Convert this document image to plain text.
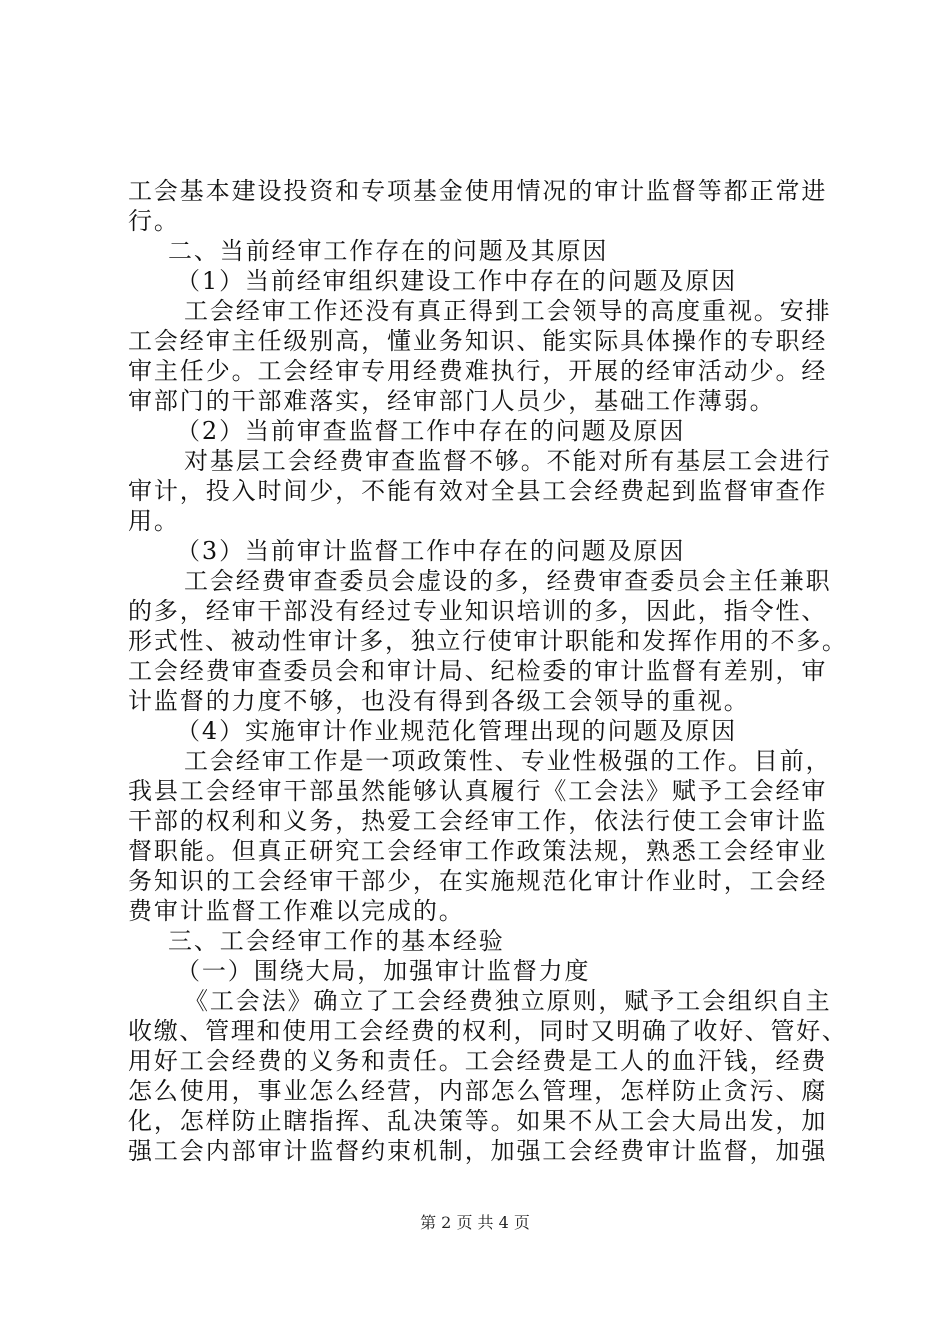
工会基本建设投资和专项基金使用情况的审计监督等都正常进
行。
二、当前经审工作存在的问题及其原因
（1）当前经审组织建设工作中存在的问题及原因
工会经审工作还没有真正得到工会领导的高度重视。安排
工会经审主任级别高，懂业务知识、能实际具体操作的专职经
审主任少。工会经审专用经费难执行，开展的经审活动少。经
审部门的干部难落实，经审部门人员少，基础工作薄弱。
（2）当前审查监督工作中存在的问题及原因
对基层工会经费审查监督不够。不能对所有基层工会进行
审计，投入时间少，不能有效对全县工会经费起到监督审查作
用。
（3）当前审计监督工作中存在的问题及原因
工会经费审查委员会虚设的多，经费审查委员会主任兼职
的多，经审干部没有经过专业知识培训的多，因此，指令性、
形式性、被动性审计多，独立行使审计职能和发挥作用的不多。
工会经费审查委员会和审计局、纪检委的审计监督有差别，审
计监督的力度不够，也没有得到各级工会领导的重视。
（4）实施审计作业规范化管理出现的问题及原因
工会经审工作是一项政策性、专业性极强的工作。目前，
我县工会经审干部虽然能够认真履行《工会法》赋予工会经审
干部的权利和义务，热爱工会经审工作，依法行使工会审计监
督职能。但真正研究工会经审工作政策法规，熟悉工会经审业
务知识的工会经审干部少，在实施规范化审计作业时，工会经
费审计监督工作难以完成的。
三、工会经审工作的基本经验
（一）围绕大局，加强审计监督力度
《工会法》确立了工会经费独立原则，赋予工会组织自主
收缴、管理和使用工会经费的权利，同时又明确了收好、管好、
用好工会经费的义务和责任。工会经费是工人的血汗钱，经费
怎么使用，事业怎么经营，内部怎么管理，怎样防止贪污、腐
化，怎样防止瞎指挥、乱决策等。如果不从工会大局出发，加
强工会内部审计监督约束机制，加强工会经费审计监督，加强
第 2 页 共 4 页
